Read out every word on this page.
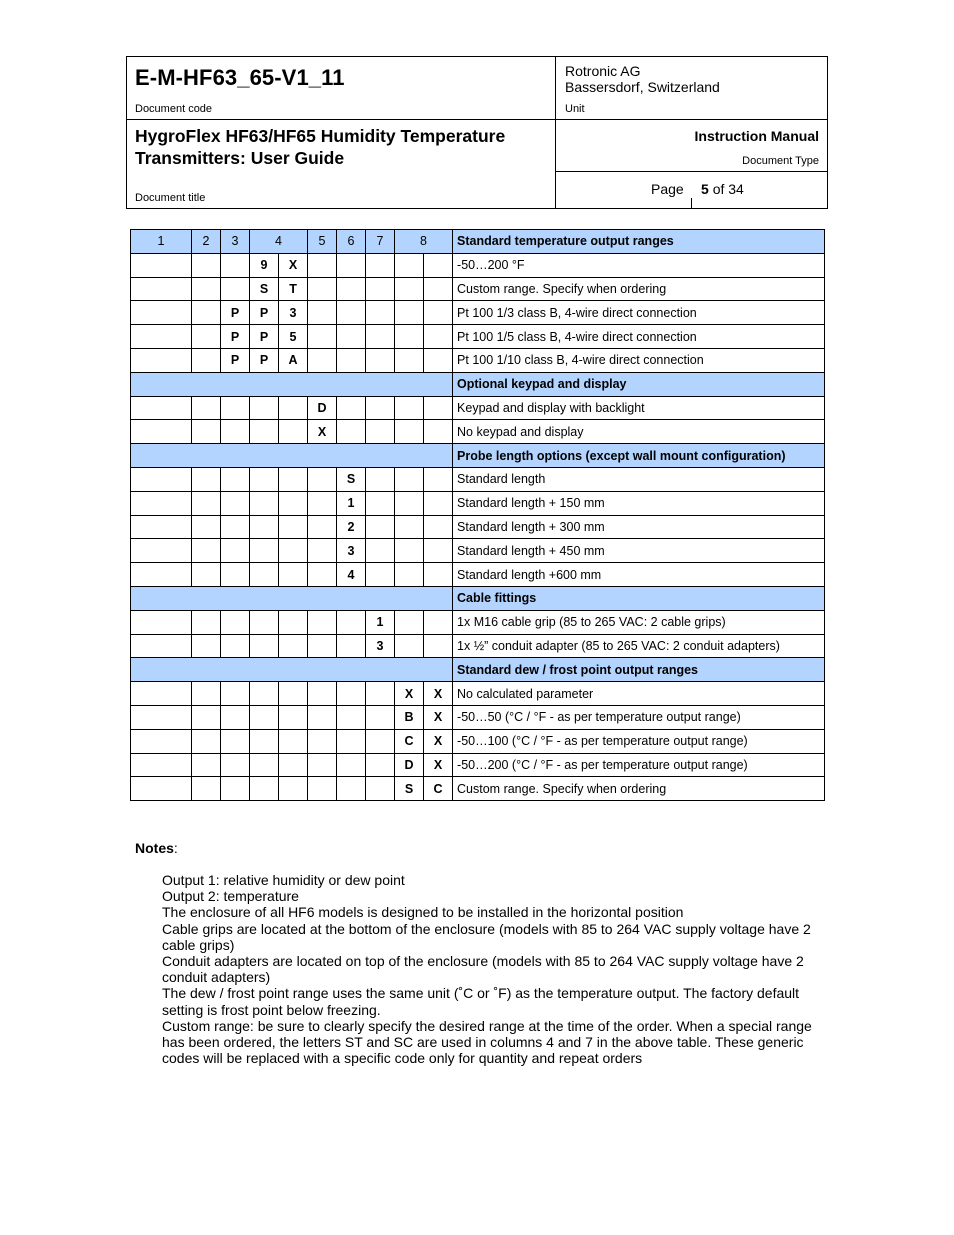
E-M-HF63_65-V1_11
Document code
HygroFlex HF63/HF65 Humidity Temperature Transmitters: User Guide
Document title
Rotronic AG
Bassersdorf, Switzerland
Unit
Instruction Manual
Document Type
Page 5 of 34
1	2	3	4		5	6	7	8		Standard temperature output ranges
			9	X						-50…200 °F
			S	T						Custom range. Specify when ordering
		P	P	3						Pt 100 1/3 class B, 4-wire direct connection
		P	P	5						Pt 100 1/5 class B, 4-wire direct connection
		P	P	A						Pt 100 1/10 class B, 4-wire direct connection
										Optional keypad and display
					D					Keypad and display with backlight
					X					No keypad and display
										Probe length options (except wall mount configuration)
						S				Standard length
						1				Standard length + 150 mm
						2				Standard length + 300 mm
						3				Standard length + 450 mm
						4				Standard length +600 mm
										Cable fittings
							1			1x M16 cable grip (85 to 265 VAC: 2 cable grips)
							3			1x ½” conduit adapter (85 to 265 VAC: 2 conduit adapters)
										Standard dew / frost point output ranges
								X	X	No calculated parameter
								B	X	-50…50 (°C / °F - as per temperature output range)
								C	X	-50…100 (°C / °F - as per temperature output range)
								D	X	-50…200 (°C / °F - as per temperature output range)
								S	C	Custom range. Specify when ordering
Notes:

Output 1: relative humidity or dew point

Output 2: temperature

The enclosure of all HF6 models is designed to be installed in the horizontal position

Cable grips are located at the bottom of the enclosure (models with 85 to 264 VAC supply voltage have 2 cable grips)

Conduit adapters are located on top of the enclosure (models with 85 to 264 VAC supply voltage have 2 conduit adapters)

The dew / frost point range uses the same unit (˚C or ˚F) as the temperature output. The factory default setting is frost point below freezing.

Custom range: be sure to clearly specify the desired range at the time of the order. When a special range has been ordered, the letters ST and SC are used in columns 4 and 7 in the above table. These generic codes will be replaced with a specific code only for quantity and repeat orders
